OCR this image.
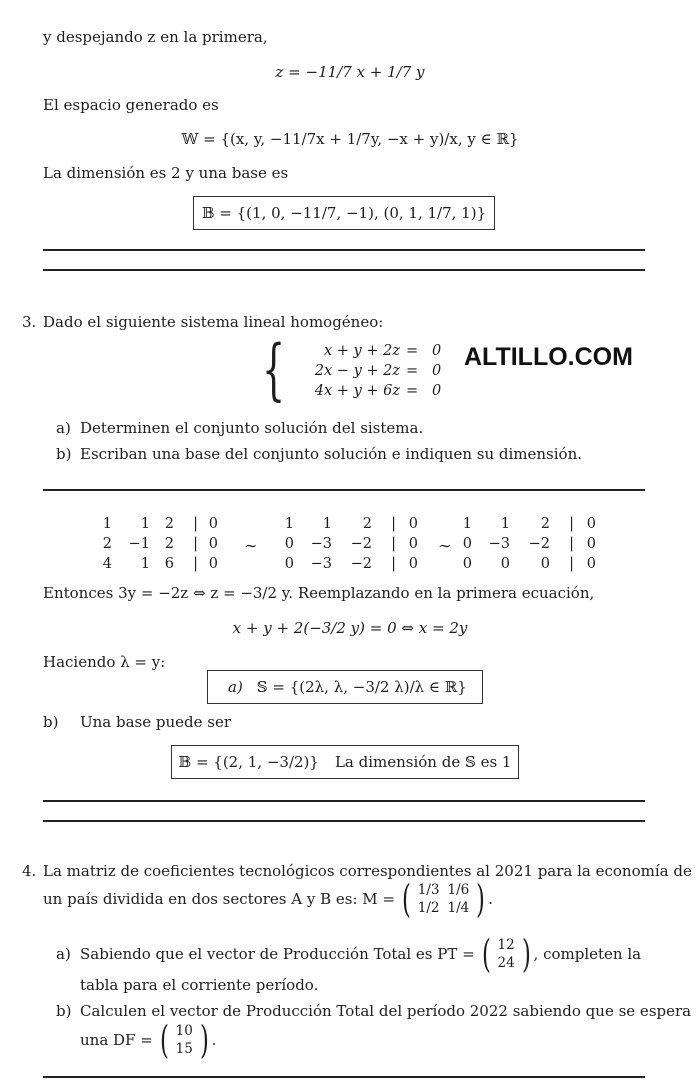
y despejando z en la primera,
z = −11/7 x + 1/7 y
El espacio generado es
𝕎 = {(x, y, −11/7x + 1/7y, −x + y)/x, y ∈ ℝ}
La dimensión es 2 y una base es
𝔹 = {(1, 0, −11/7, −1), (0, 1, 1/7, 1)}
3. Dado el siguiente sistema lineal homogéneo:
{	x + y + 2z = 0
2x − y + 2z = 0
4x + y + 6z = 0
ALTILLO.COM
a) Determinen el conjunto solución del sistema.
b) Escriban una base del conjunto solución e indiquen su dimensión.
1	1	2	|	0
2	−1	2	|	0
4	1	6	|	0
∼
1	1	2	|	0
0	−3	−2	|	0
0	−3	−2	|	0
∼
1	1	2	|	0
0	−3	−2	|	0
0	0	0	|	0
Entonces 3y = −2z ⇔ z = −3/2 y. Reemplazando en la primera ecuación,
x + y + 2(−3/2 y) = 0 ⇔ x = 2y
Haciendo λ = y:
a) 𝕊 = {(2λ, λ, −3/2 λ)/λ ∈ ℝ}
b) Una base puede ser
𝔹 = {(2, 1, −3/2)} La dimensión de 𝕊 es 1
4. La matriz de coeficientes tecnológicos correspondientes al 2021 para la economía de
un país dividida en dos sectores A y B es: M = ( 1/3	1/6
1/2	1/4 ) .
a) Sabiendo que el vector de Producción Total es PT = ( 12
24 ) , completen la
tabla para el corriente período.
b) Calculen el vector de Producción Total del período 2022 sabiendo que se espera
una DF = ( 10
15 ) .
